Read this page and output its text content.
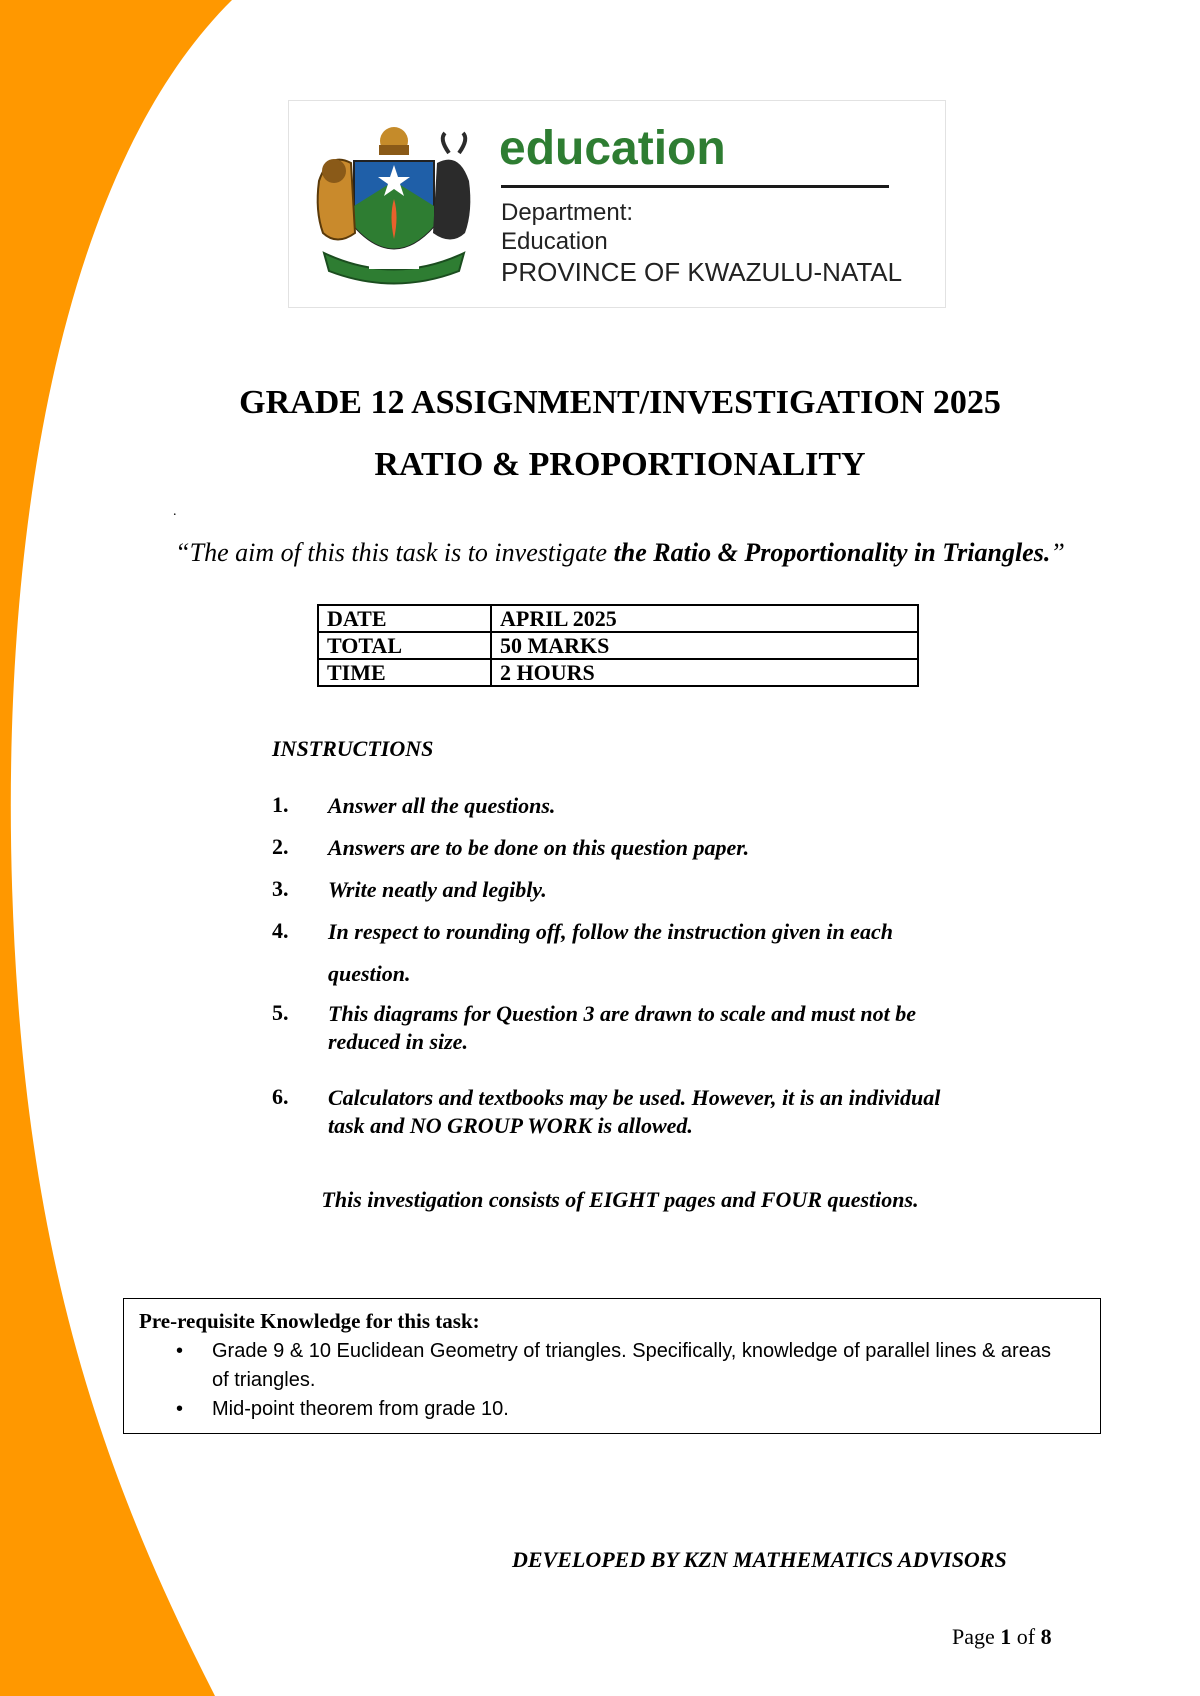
education
Department:
Education
PROVINCE OF KWAZULU-NATAL
GRADE 12 ASSIGNMENT/INVESTIGATION 2025
RATIO & PROPORTIONALITY
.
“The aim of this this task is to investigate the Ratio & Proportionality in Triangles.”
DATE	APRIL 2025
TOTAL	50 MARKS
TIME	2 HOURS
INSTRUCTIONS
1. Answer all the questions.
2. Answers are to be done on this question paper.
3. Write neatly and legibly.
4. In respect to rounding off, follow the instruction given in each question.
5. This diagrams for Question 3 are drawn to scale and must not be reduced in size.
6. Calculators and textbooks may be used. However, it is an individual task and NO GROUP WORK is allowed.
This investigation consists of EIGHT pages and FOUR questions.
Pre-requisite Knowledge for this task:
• Grade 9 & 10 Euclidean Geometry of triangles. Specifically, knowledge of parallel lines & areas of triangles.
• Mid-point theorem from grade 10.
DEVELOPED BY KZN MATHEMATICS ADVISORS
Page 1 of 8
